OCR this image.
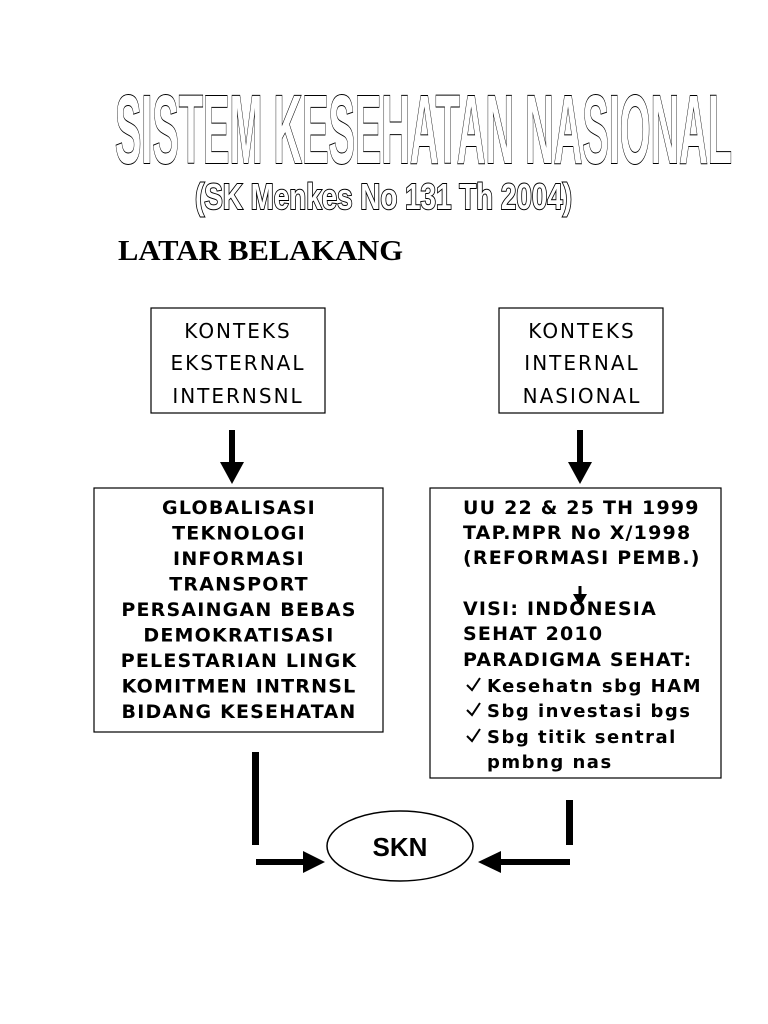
SISTEM KESEHATAN NASIONAL
(SK Menkes No 131 Th 2004)
LATAR BELAKANG
KONTEKS
EKSTERNAL
INTERNSNL
KONTEKS
INTERNAL
NASIONAL
GLOBALISASI
TEKNOLOGI
INFORMASI
TRANSPORT
PERSAINGAN BEBAS
DEMOKRATISASI
PELESTARIAN LINGK
KOMITMEN INTRNSL
BIDANG KESEHATAN
UU 22 & 25 TH 1999
TAP.MPR No X/1998
(REFORMASI PEMB.)
VISI: INDONESIA
SEHAT 2010
PARADIGMA SEHAT:
Kesehatn sbg HAM
Sbg investasi bgs
Sbg titik sentral
pmbng nas
SKN
